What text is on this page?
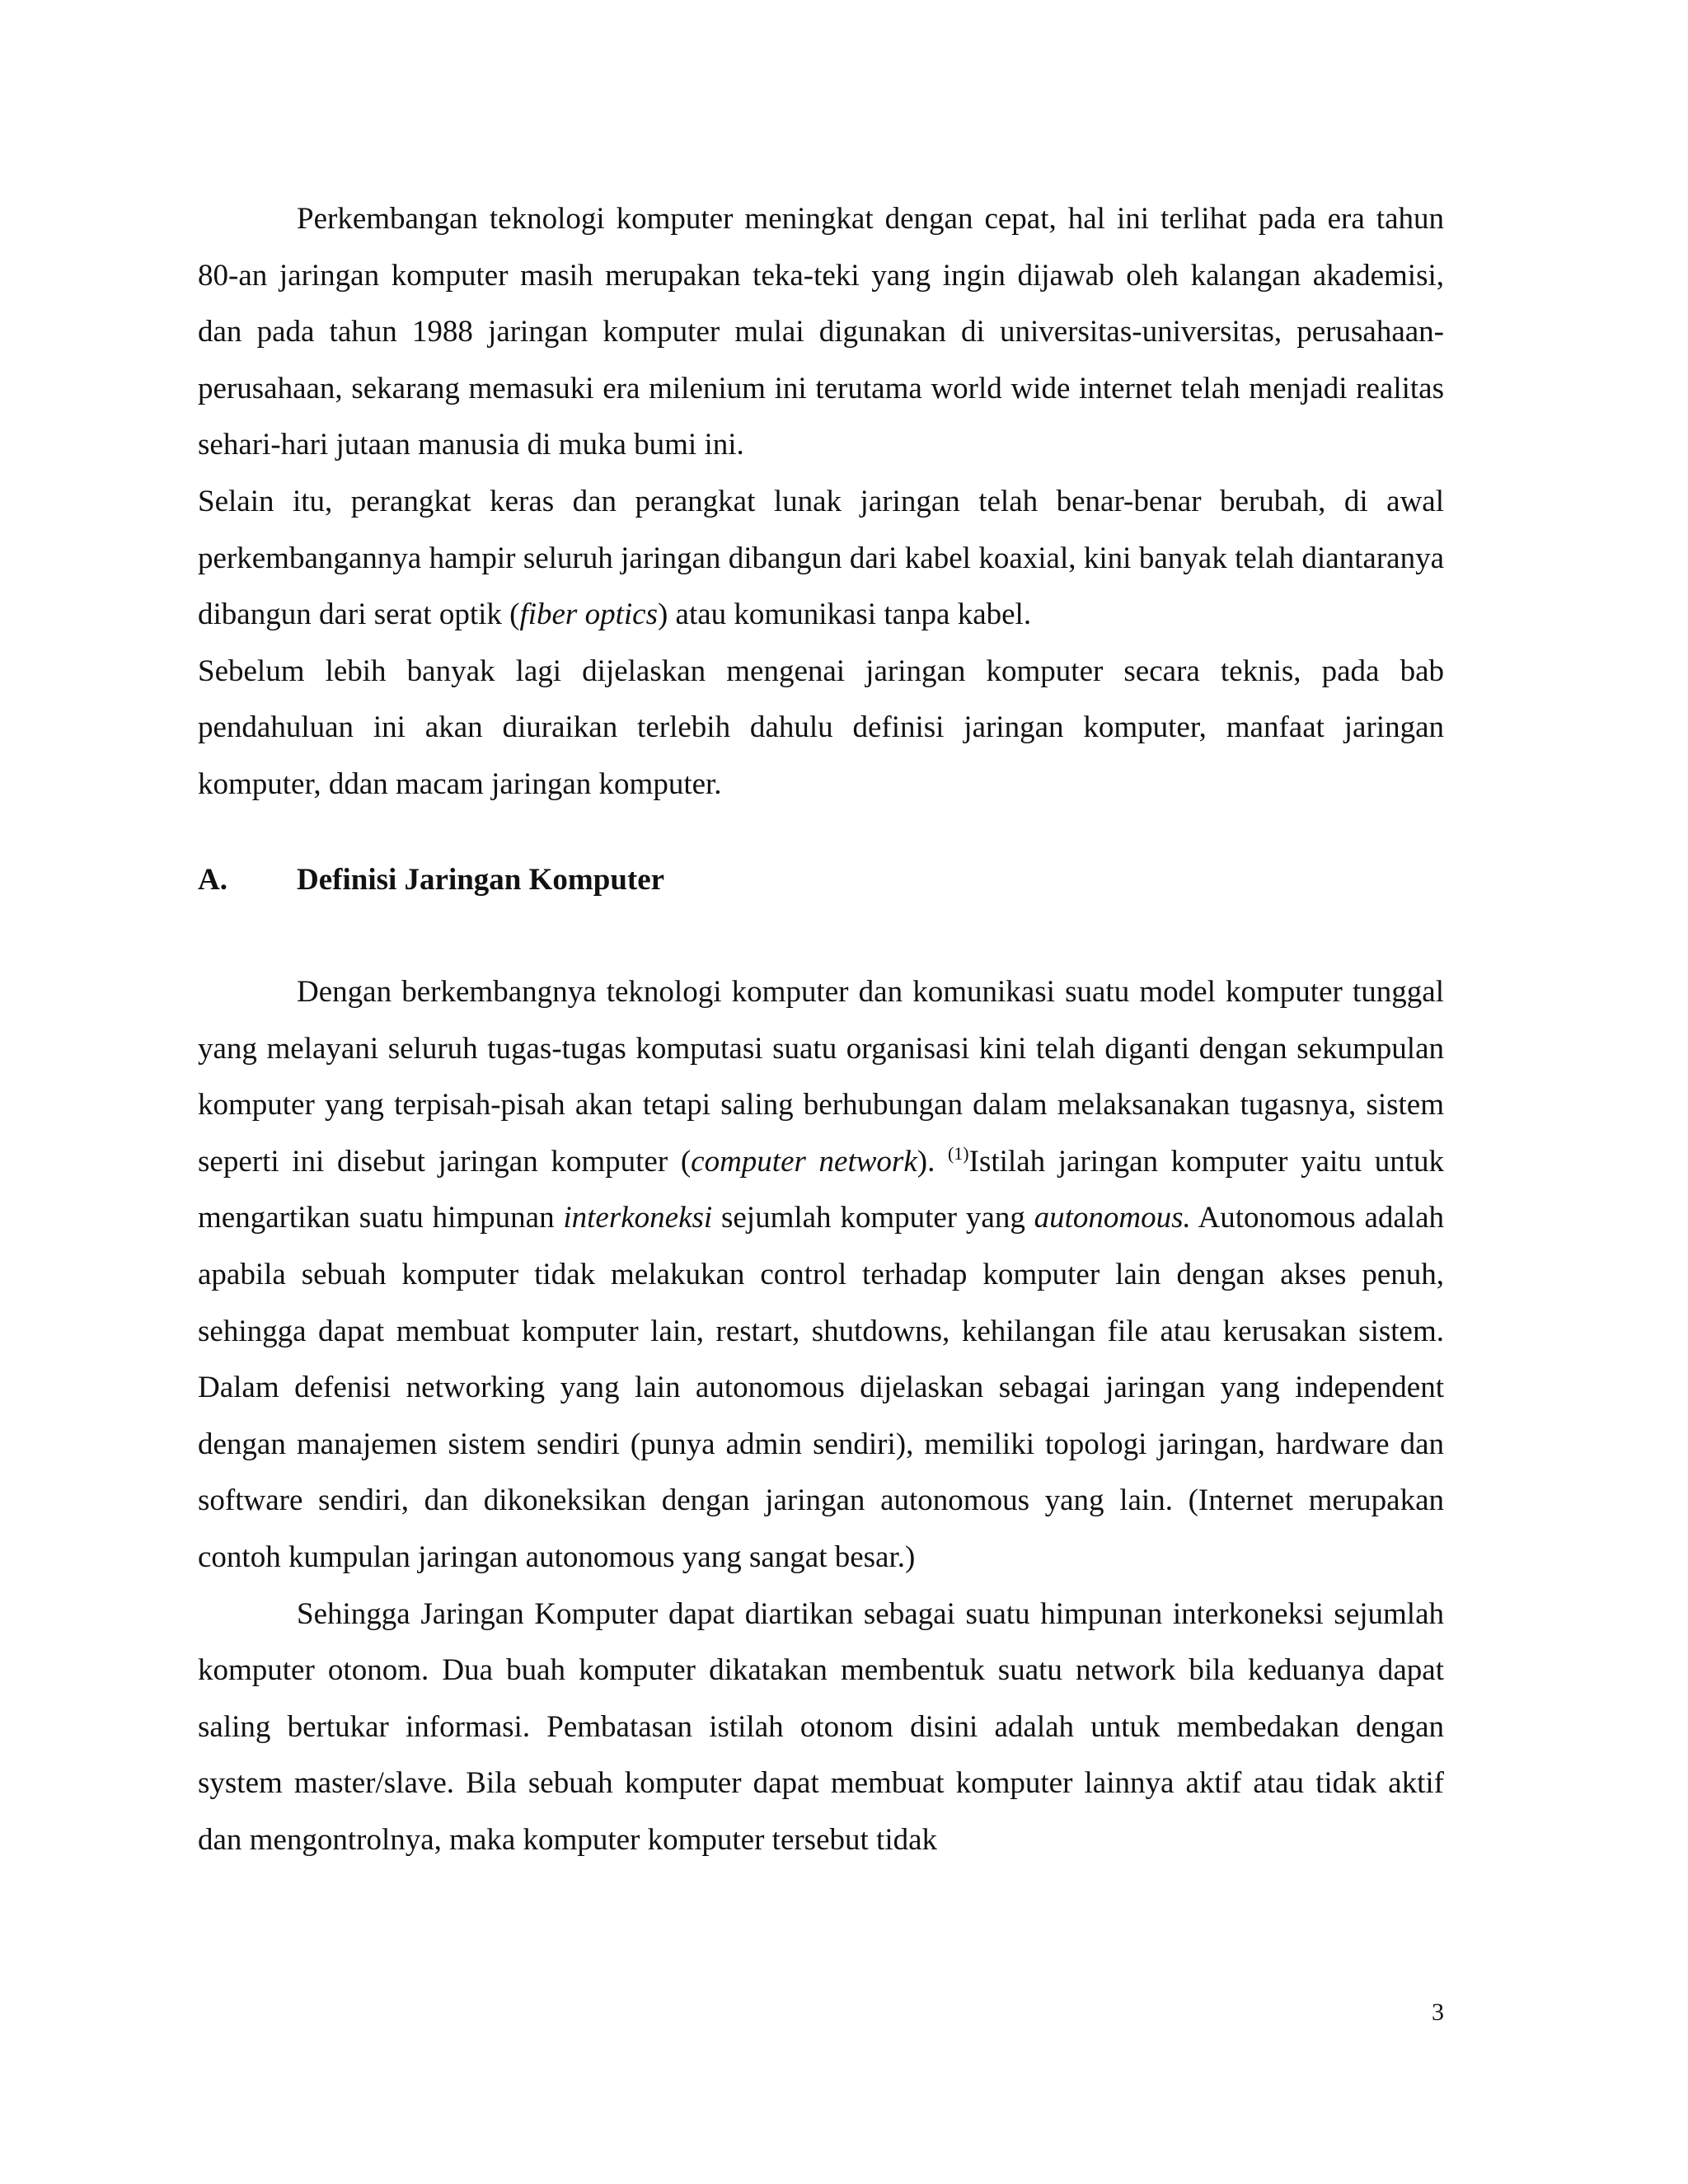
Perkembangan teknologi komputer meningkat dengan cepat, hal ini terlihat pada era tahun 80-an jaringan komputer masih merupakan teka-teki yang ingin dijawab oleh kalangan akademisi, dan pada tahun 1988 jaringan komputer mulai digunakan di universitas-universitas, perusahaan-perusahaan, sekarang memasuki era milenium ini terutama world wide internet telah menjadi realitas sehari-hari jutaan manusia di muka bumi ini.

Selain itu, perangkat keras dan perangkat lunak jaringan telah benar-benar berubah, di awal perkembangannya hampir seluruh jaringan dibangun dari kabel koaxial, kini banyak telah diantaranya dibangun dari serat optik (fiber optics) atau komunikasi tanpa kabel.

Sebelum lebih banyak lagi dijelaskan mengenai jaringan komputer secara teknis, pada bab pendahuluan ini akan diuraikan terlebih dahulu definisi jaringan komputer, manfaat jaringan komputer, ddan macam jaringan komputer.

A. Definisi Jaringan Komputer

Dengan berkembangnya teknologi komputer dan komunikasi suatu model komputer tunggal yang melayani seluruh tugas-tugas komputasi suatu organisasi kini telah diganti dengan sekumpulan komputer yang terpisah-pisah akan tetapi saling berhubungan dalam melaksanakan tugasnya, sistem seperti ini disebut jaringan komputer (computer network). $^{(1)}$Istilah jaringan komputer yaitu untuk mengartikan suatu himpunan interkoneksi sejumlah komputer yang autonomous. Autonomous adalah apabila sebuah komputer tidak melakukan control terhadap komputer lain dengan akses penuh, sehingga dapat membuat komputer lain, restart, shutdowns, kehilangan file atau kerusakan sistem. Dalam defenisi networking yang lain autonomous dijelaskan sebagai jaringan yang independent dengan manajemen sistem sendiri (punya admin sendiri), memiliki topologi jaringan, hardware dan software sendiri, dan dikoneksikan dengan jaringan autonomous yang lain. (Internet merupakan contoh kumpulan jaringan autonomous yang sangat besar.)

Sehingga Jaringan Komputer dapat diartikan sebagai suatu himpunan interkoneksi sejumlah komputer otonom. Dua buah komputer dikatakan membentuk suatu network bila keduanya dapat saling bertukar informasi. Pembatasan istilah otonom disini adalah untuk membedakan dengan system master/slave. Bila sebuah komputer dapat membuat komputer lainnya aktif atau tidak aktif dan mengontrolnya, maka komputer komputer tersebut tidak

3
